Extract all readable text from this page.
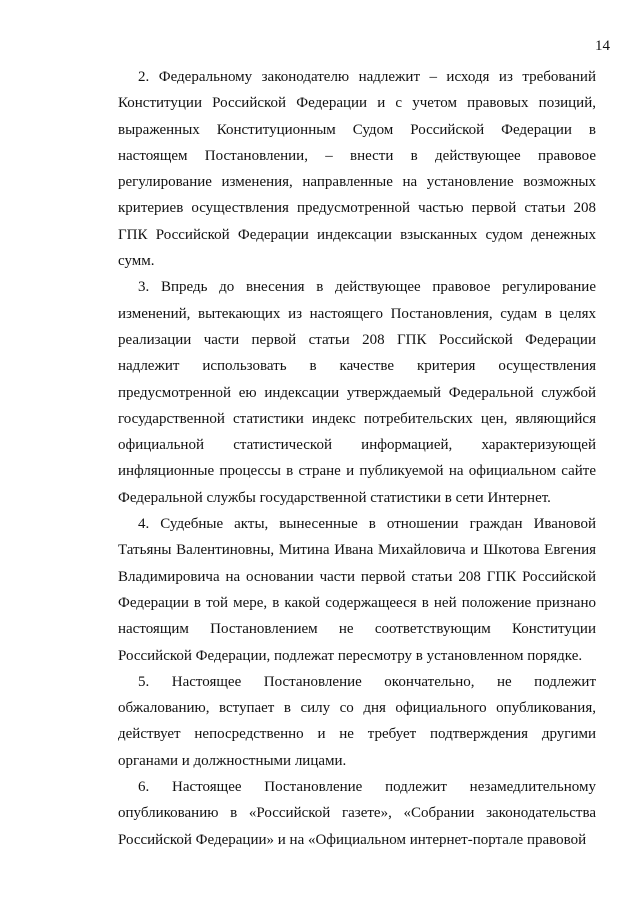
14

2. Федеральному законодателю надлежит – исходя из требований Конституции Российской Федерации и с учетом правовых позиций, выраженных Конституционным Судом Российской Федерации в настоящем Постановлении, – внести в действующее правовое регулирование изменения, направленные на установление возможных критериев осуществления предусмотренной частью первой статьи 208 ГПК Российской Федерации индексации взысканных судом денежных сумм.

3. Впредь до внесения в действующее правовое регулирование изменений, вытекающих из настоящего Постановления, судам в целях реализации части первой статьи 208 ГПК Российской Федерации надлежит использовать в качестве критерия осуществления предусмотренной ею индексации утверждаемый Федеральной службой государственной статистики индекс потребительских цен, являющийся официальной статистической информацией, характеризующей инфляционные процессы в стране и публикуемой на официальном сайте Федеральной службы государственной статистики в сети Интернет.

4. Судебные акты, вынесенные в отношении граждан Ивановой Татьяны Валентиновны, Митина Ивана Михайловича и Шкотова Евгения Владимировича на основании части первой статьи 208 ГПК Российской Федерации в той мере, в какой содержащееся в ней положение признано настоящим Постановлением не соответствующим Конституции Российской Федерации, подлежат пересмотру в установленном порядке.

5. Настоящее Постановление окончательно, не подлежит обжалованию, вступает в силу со дня официального опубликования, действует непосредственно и не требует подтверждения другими органами и должностными лицами.

6. Настоящее Постановление подлежит незамедлительному опубликованию в «Российской газете», «Собрании законодательства Российской Федерации» и на «Официальном интернет-портале правовой
